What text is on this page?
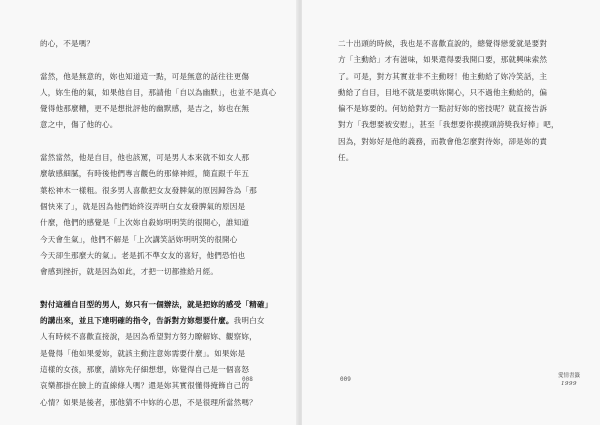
的心，不是嗎？
當然，他是無意的，妳也知道這一點，可是無意的話往往更傷
人，妳生他的氣，如果他自目，那請他「自以為幽默」，也並不是真心
覺得他那麼糟，更不是想批評他的幽默感，是吉之，妳也在無
意之中，傷了他的心。
當然當然，他是自目，他也該罵，可是男人本來就不如女人那
麼敏感細膩，有時後他們專言觀色的那條神經，簡直跟千年五
葉松神木一樣粗。很多男人喜歡把女友發脾氣的原因歸咎為「那
個快來了」，就是因為他們始終沒弄明白女友發脾氣的原因是
什麼，他們的感覺是「上次妳自殺妳明明笑的很開心，誰知道
今天會生氣」，他們不解是「上次講笑話妳明明笑的很開心
今天卻生那麼大的氣」。老是抓不準女友的喜好，他們恐怕也
會感到挫折，就是因為如此，才把一切都推給月經。
對付這種自目型的男人，妳只有一個辦法，就是把妳的感受「精確」
的講出來，並且下達明確的指令，告訴對方妳想要什麼。我明白女
人有時候不喜歡直接說，是因為希望對方努力瞭解妳、觀察妳，
是覺得「他如果愛妳，就該主動注意妳需要什麼」。如果妳是
這樣的女孩，那麼，請妳先仔細想想，妳覺得自己是一個喜怒
哀樂都掛在臉上的直線條人嗎？還是妳其實很懂得掩飾自己的
心情？如果是後者，那他猜不中妳的心思，不是很理所當然嗎？
008
二十出頭的時候，我也是不喜歡直說的，總覺得戀愛就是要對
方「主動給」才有滋味，如果還得要我開口要，那就興味索然
了。可是，對方其實並非不主動呀！他主動給了妳冷笑話，主
動給了自目，目地不就是要哄妳開心，只不過他主動給的，偏
偏不是妳要的。何妨給對方一點討好妳的密技呢？就直接告訴
對方「我想要被安慰」，甚至「我想要你摸摸頭誇獎我好棒」吧，
因為，對妳好是他的義務，而教會他怎麼對待妳，卻是妳的責
任。
009	愛情書籤
1999
